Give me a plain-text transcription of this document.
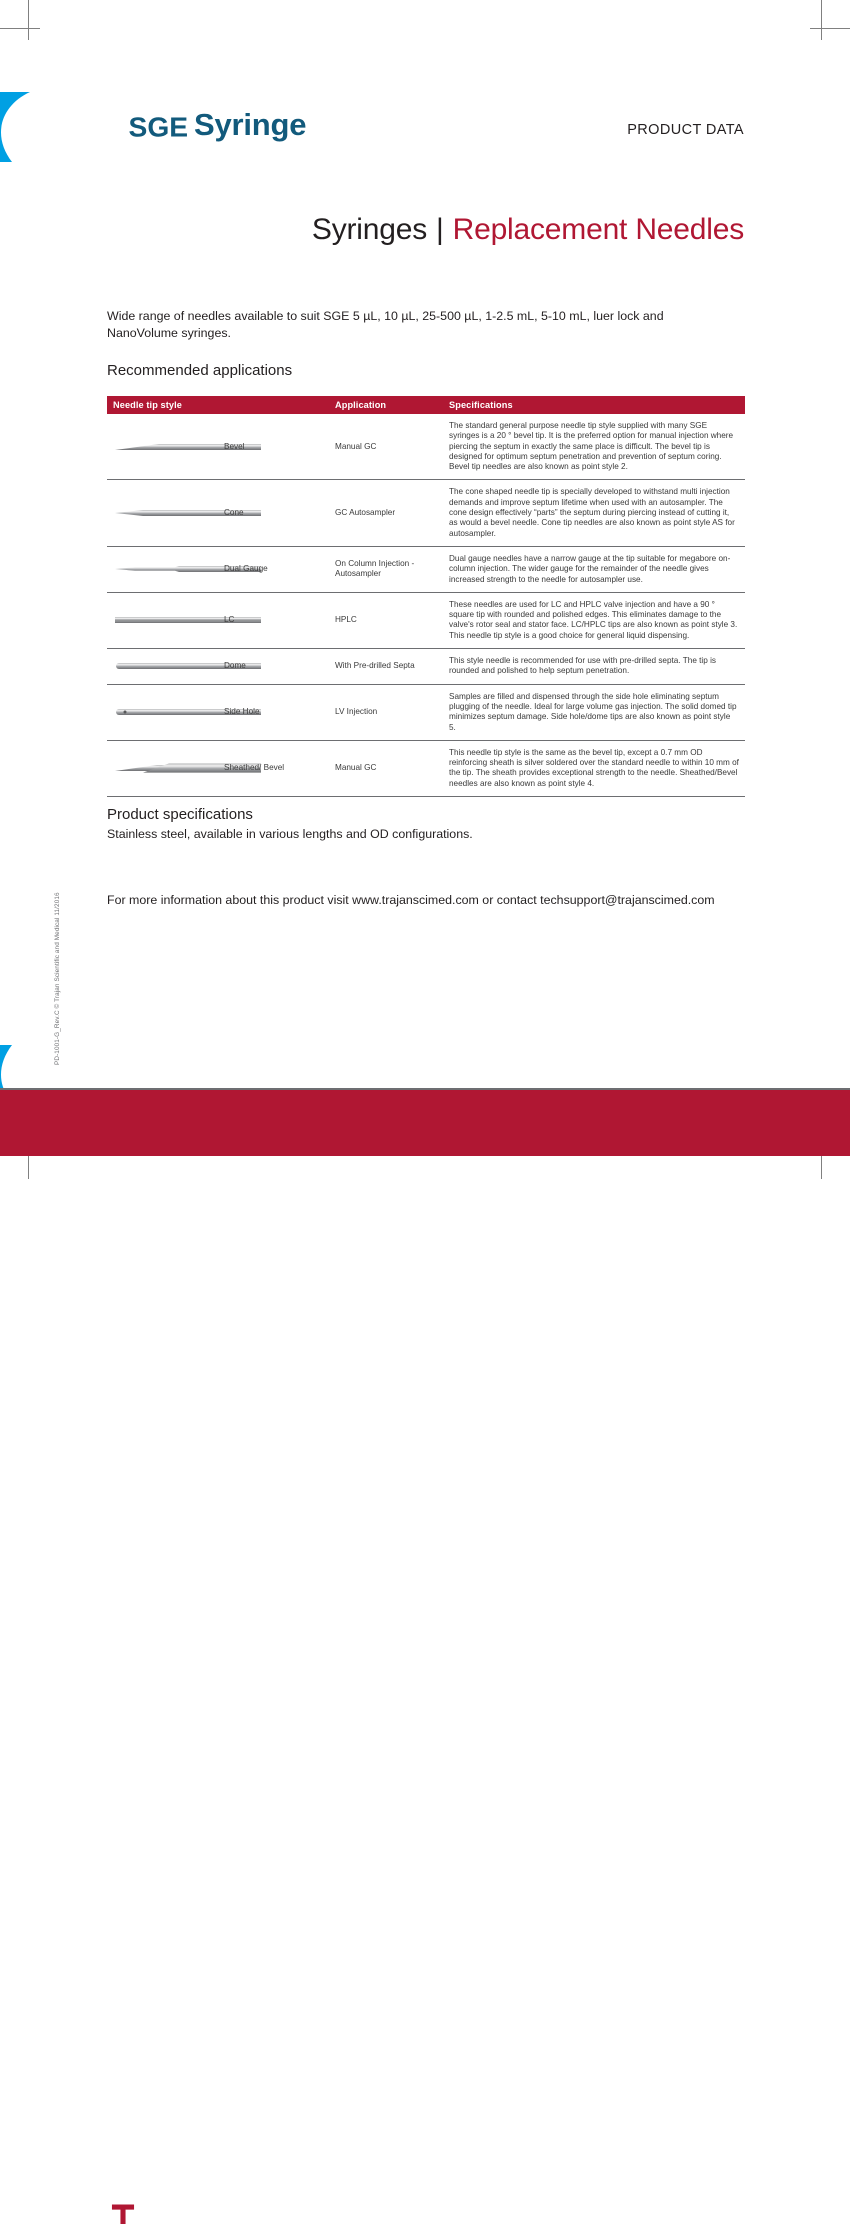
SGE Syringe	PRODUCT DATA
Syringes | Replacement Needles
Wide range of needles available to suit SGE 5 µL, 10 µL, 25-500 µL, 1-2.5 mL, 5-10 mL, luer lock and NanoVolume syringes.
Recommended applications
Needle tip style		Application	Specifications

	Bevel	Manual GC	The standard general purpose needle tip style supplied with many SGE syringes is a 20 ° bevel tip. It is the preferred option for manual injection where piercing the septum in exactly the same place is difficult. The bevel tip is designed for optimum septum penetration and prevention of septum coring. Bevel tip needles are also known as point style 2.

	Cone	GC Autosampler	The cone shaped needle tip is specially developed to withstand multi injection demands and improve septum lifetime when used with an autosampler. The cone design effectively “parts” the septum during piercing instead of cutting it, as would a bevel needle. Cone tip needles are also known as point style AS for autosampler.

	Dual Gauge	On Column Injection - Autosampler	Dual gauge needles have a narrow gauge at the tip suitable for megabore on-column injection. The wider gauge for the remainder of the needle gives increased strength to the needle for autosampler use.

	LC	HPLC	These needles are used for LC and HPLC valve injection and have a 90 ° square tip with rounded and polished edges. This eliminates damage to the valve's rotor seal and stator face. LC/HPLC tips are also known as point style 3. This needle tip style is a good choice for general liquid dispensing.

	Dome	With Pre-drilled Septa	This style needle is recommended for use with pre-drilled septa. The tip is rounded and polished to help septum penetration.

	Side Hole	LV Injection	Samples are filled and dispensed through the side hole eliminating septum plugging of the needle. Ideal for large volume gas injection. The solid domed tip minimizes septum damage. Side hole/dome tips are also known as point style 5.

	Sheathed/ Bevel	Manual GC	This needle tip style is the same as the bevel tip, except a 0.7 mm OD reinforcing sheath is silver soldered over the standard needle to within 10 mm of the tip. The sheath provides exceptional strength to the needle. Sheathed/Bevel needles are also known as point style 4.
Product specifications
Stainless steel, available in various lengths and OD configurations.
For more information about this product visit www.trajanscimed.com or contact techsupport@trajanscimed.com
PD-1001-G_Rev.C © Trajan Scientific and Medical 11/2016
TRAJAN	www.trajanscimed.com
